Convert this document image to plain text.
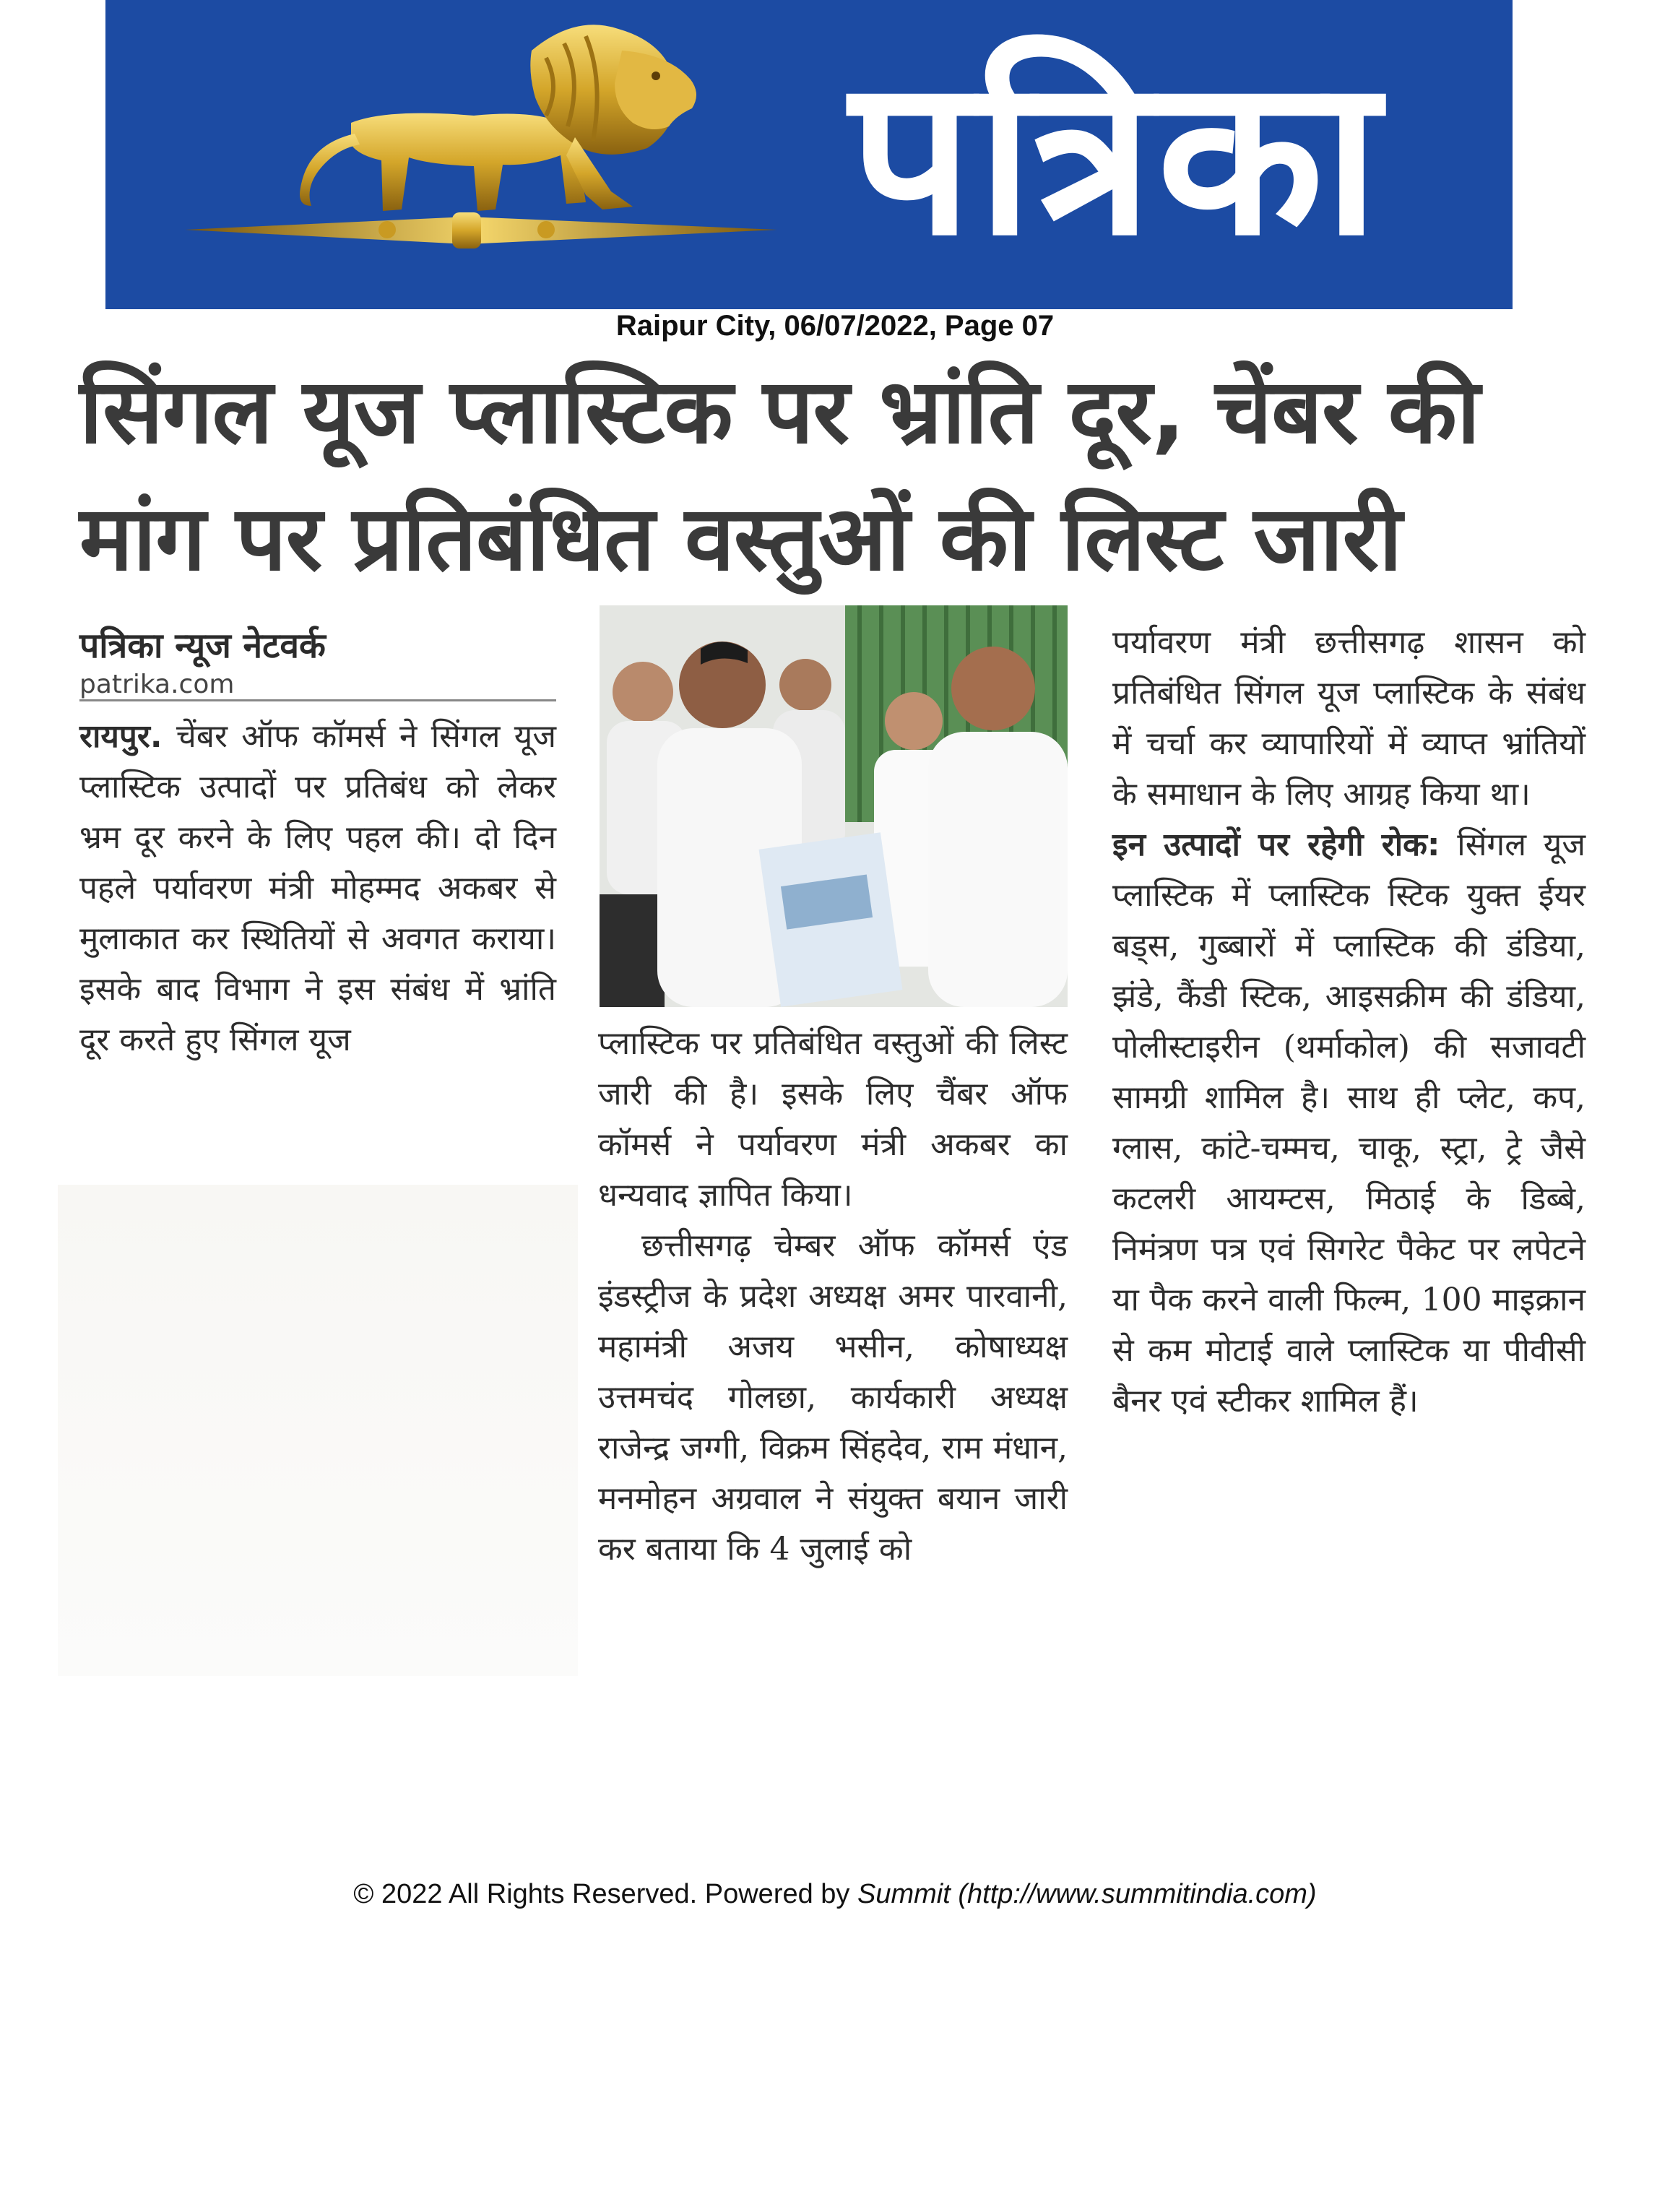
पत्रिका
Raipur City, 06/07/2022, Page 07
सिंगल यूज प्लास्टिक पर भ्रांति दूर, चेंबर की
मांग पर प्रतिबंधित वस्तुओं की लिस्ट जारी
पत्रिका न्यूज नेटवर्क
patrika.com

रायपुर. चेंबर ऑफ कॉमर्स ने सिंगल यूज प्लास्टिक उत्पादों पर प्रतिबंध को लेकर भ्रम दूर करने के लिए पहल की। दो दिन पहले पर्यावरण मंत्री मोहम्मद अकबर से मुलाकात कर स्थितियों से अवगत कराया। इसके बाद विभाग ने इस संबंध में भ्रांति दूर करते हुए सिंगल यूज	प्लास्टिक पर प्रतिबंधित वस्तुओं की लिस्ट जारी की है। इसके लिए चैंबर ऑफ कॉमर्स ने पर्यावरण मंत्री अकबर का धन्यवाद ज्ञापित किया।

छत्तीसगढ़ चेम्बर ऑफ कॉमर्स एंड इंडस्ट्रीज के प्रदेश अध्यक्ष अमर पारवानी, महामंत्री अजय भसीन, कोषाध्यक्ष उत्तमचंद गोलछा, कार्यकारी अध्यक्ष राजेन्द्र जग्गी, विक्रम सिंहदेव, राम मंधान, मनमोहन अग्रवाल ने संयुक्त बयान जारी कर बताया कि 4 जुलाई को

पर्यावरण मंत्री छत्तीसगढ़ शासन को प्रतिबंधित सिंगल यूज प्लास्टिक के संबंध में चर्चा कर व्यापारियों में व्याप्त भ्रांतियों के समाधान के लिए आग्रह किया था।

इन उत्पादों पर रहेगी रोक: सिंगल यूज प्लास्टिक में प्लास्टिक स्टिक युक्त ईयर बड्स, गुब्बारों में प्लास्टिक की डंडिया, झंडे, कैंडी स्टिक, आइसक्रीम की डंडिया, पोलीस्टाइरीन (थर्माकोल) की सजावटी सामग्री शामिल है। साथ ही प्लेट, कप, ग्लास, कांटे-चम्मच, चाकू, स्ट्रा, ट्रे जैसे कटलरी आयम्टस, मिठाई के डिब्बे, निमंत्रण पत्र एवं सिगरेट पैकेट पर लपेटने या पैक करने वाली फिल्म, 100 माइक्रान से कम मोटाई वाले प्लास्टिक या पीवीसी बैनर एवं स्टीकर शामिल हैं।

© 2022 All Rights Reserved. Powered by Summit (http://www.summitindia.com)
